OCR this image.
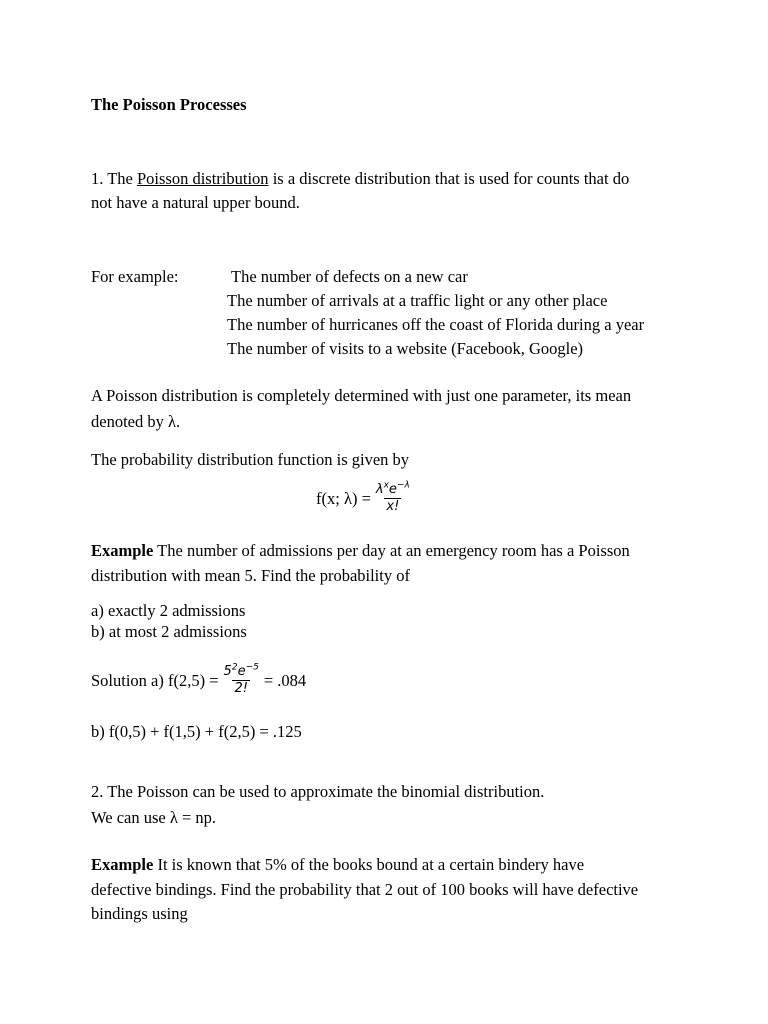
The Poisson Processes
1. The Poisson distribution is a discrete distribution that is used for counts that do
not have a natural upper bound.
For example:	The number of defects on a new car
The number of arrivals at a traffic light or any other place
The number of hurricanes off the coast of Florida during a year
The number of visits to a website (Facebook, Google)
A Poisson distribution is completely determined with just one parameter, its mean
denoted by λ.
The probability distribution function is given by
f(x; $\lambda) = \frac{\lambda^xe^{-\lambda}}{x!}$
Example The number of admissions per day at an emergency room has a Poisson
distribution with mean 5. Find the probability of
a) exactly 2 admissions
b) at most 2 admissions
Solution a) $f(2,5) = \frac{5^2e^{-5}}{2!} = .084$
b) f(0,5) + f(1,5) + f(2,5) = .125
2. The Poisson can be used to approximate the binomial distribution.
We can use λ = np.
Example It is known that 5% of the books bound at a certain bindery have
defective bindings. Find the probability that 2 out of 100 books will have defective
bindings using
